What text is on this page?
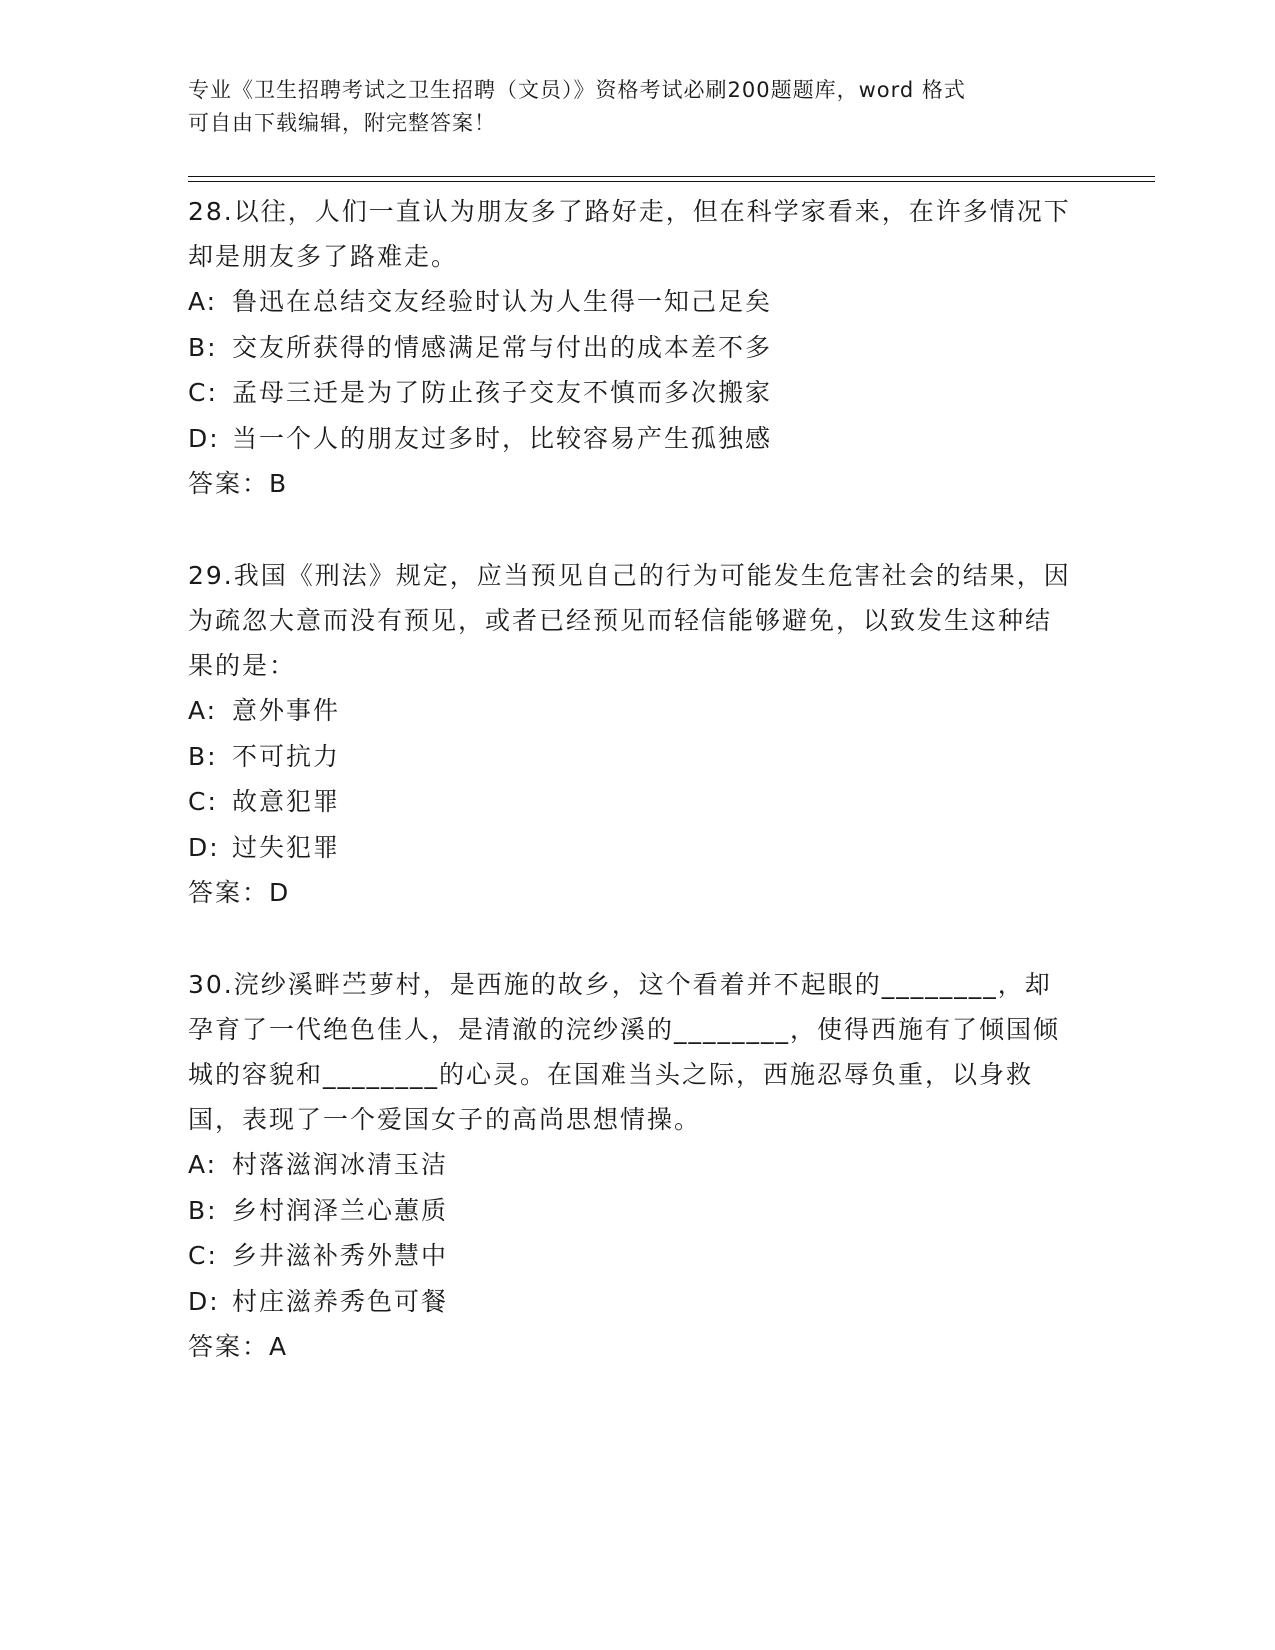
专业《卫生招聘考试之卫生招聘（文员）》资格考试必刷200题题库，word 格式
可自由下载编辑，附完整答案！

28.以往，人们一直认为朋友多了路好走，但在科学家看来，在许多情况下却是朋友多了路难走。

A: 鲁迅在总结交友经验时认为人生得一知己足矣

B: 交友所获得的情感满足常与付出的成本差不多

C: 孟母三迁是为了防止孩子交友不慎而多次搬家

D: 当一个人的朋友过多时，比较容易产生孤独感

答案：B

29.我国《刑法》规定，应当预见自己的行为可能发生危害社会的结果，因为疏忽大意而没有预见，或者已经预见而轻信能够避免，以致发生这种结果的是：

A: 意外事件

B: 不可抗力

C: 故意犯罪

D: 过失犯罪

答案：D

30.浣纱溪畔苎萝村，是西施的故乡，这个看着并不起眼的________，却孕育了一代绝色佳人，是清澈的浣纱溪的________，使得西施有了倾国倾城的容貌和________的心灵。在国难当头之际，西施忍辱负重，以身救国，表现了一个爱国女子的高尚思想情操。

A: 村落滋润冰清玉洁

B: 乡村润泽兰心蕙质

C: 乡井滋补秀外慧中

D: 村庄滋养秀色可餐

答案：A
